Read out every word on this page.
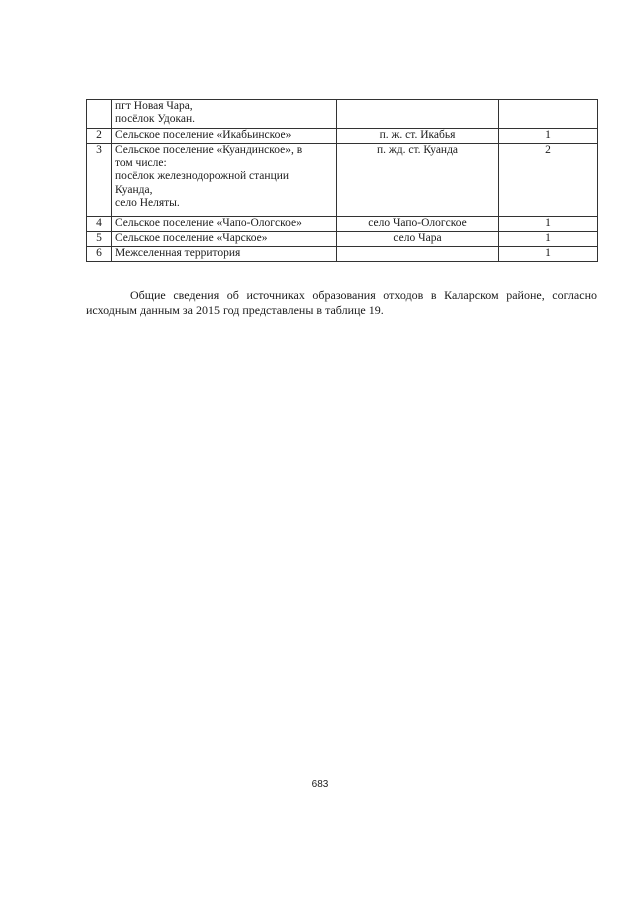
	пгт Новая Чара,
посёлок Удокан.		

2	Сельское поселение «Икабьинское»	п. ж. ст. Икабья	1
3	Сельское поселение «Куандинское», в
том числе:
посёлок железнодорожной станции
Куанда,
село Неляты.	п. жд. ст. Куанда	2
4	Сельское поселение «Чапо-Ологское»	село Чапо-Ологское	1
5	Сельское поселение «Чарское»	село Чара	1
6	Межселенная территория		1
Общие сведения об источниках образования отходов в Каларском районе, согласно
исходным данным за 2015 год представлены в таблице 19.
683
